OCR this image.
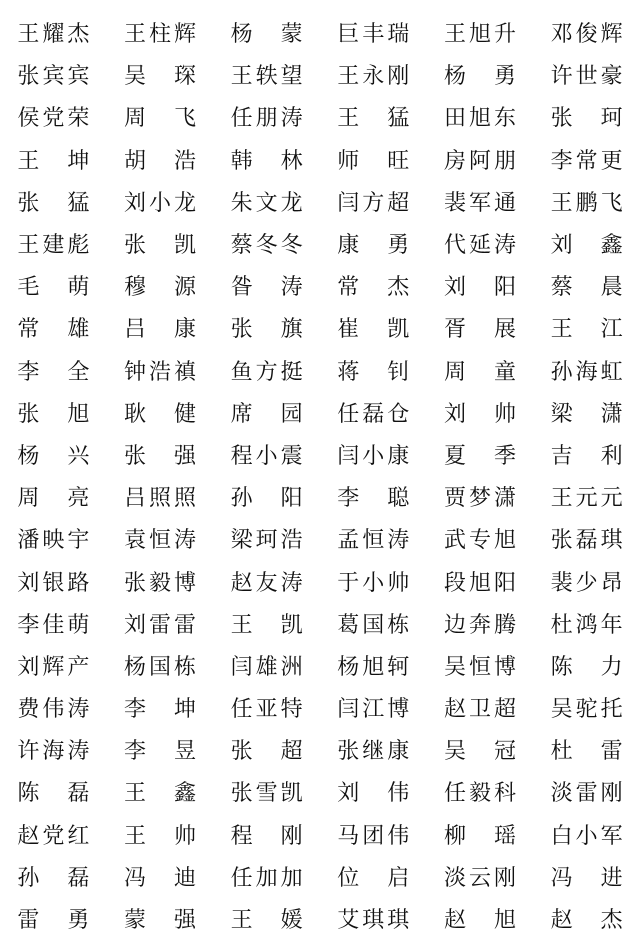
王耀杰 王柱辉 杨 蒙 巨丰瑞 王旭升 邓俊辉
张宾宾 吴 琛 王轶望 王永刚 杨 勇 许世豪
侯党荣 周 飞 任朋涛 王 猛 田旭东 张 珂
王 坤 胡 浩 韩 林 师 旺 房阿朋 李常更
张 猛 刘小龙 朱文龙 闫方超 裴军通 王鹏飞
王建彪 张 凯 蔡冬冬 康 勇 代延涛 刘 鑫
毛 萌 穆 源 昝 涛 常 杰 刘 阳 蔡 晨
常 雄 吕 康 张 旗 崔 凯 胥 展 王 江
李 全 钟浩禛 鱼方挺 蒋 钊 周 童 孙海虹
张 旭 耿 健 席 园 任磊仓 刘 帅 梁 潇
杨 兴 张 强 程小震 闫小康 夏 季 吉 利
周 亮 吕照照 孙 阳 李 聪 贾梦潇 王元元
潘映宇 袁恒涛 梁珂浩 孟恒涛 武专旭 张磊琪
刘银路 张毅博 赵友涛 于小帅 段旭阳 裴少昂
李佳萌 刘雷雷 王 凯 葛国栋 边奔腾 杜鸿年
刘辉产 杨国栋 闫雄洲 杨旭轲 吴恒博 陈 力
费伟涛 李 坤 任亚特 闫江博 赵卫超 吴驼托
许海涛 李 昱 张 超 张继康 吴 冠 杜 雷
陈 磊 王 鑫 张雪凯 刘 伟 任毅科 淡雷刚
赵党红 王 帅 程 刚 马团伟 柳 瑶 白小军
孙 磊 冯 迪 任加加 位 启 淡云刚 冯 进
雷 勇 蒙 强 王 媛 艾琪琪 赵 旭 赵 杰
